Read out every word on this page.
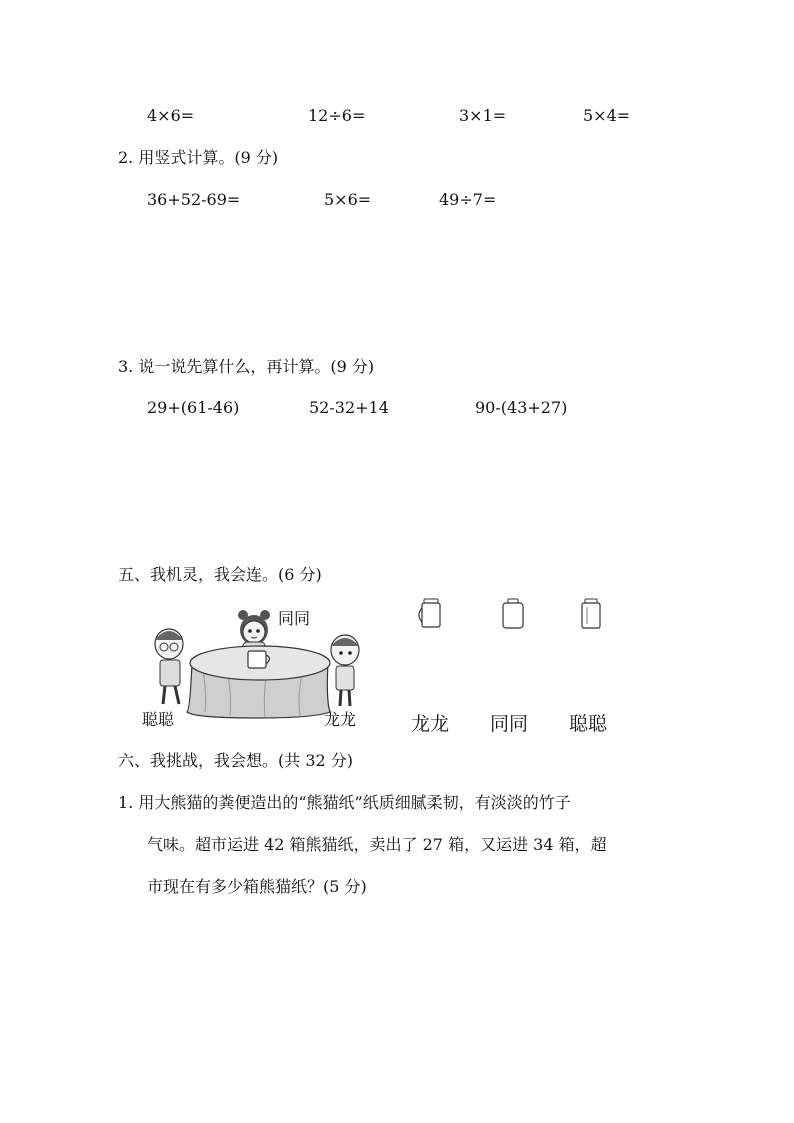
4×6=	12÷6=	3×1=	5×4=
2. 用竖式计算。(9 分)
36+52-69=	5×6=	49÷7=
3. 说一说先算什么，再计算。(9 分)
29+(61-46)	52-32+14	90-(43+27)
五、我机灵，我会连。(6 分)
同同
聪聪	龙龙	龙龙 同同 聪聪
六、我挑战，我会想。(共 32 分)
1. 用大熊猫的粪便造出的“熊猫纸”纸质细腻柔韧，有淡淡的竹子
气味。超市运进 42 箱熊猫纸，卖出了 27 箱，又运进 34 箱，超
市现在有多少箱熊猫纸？(5 分)
